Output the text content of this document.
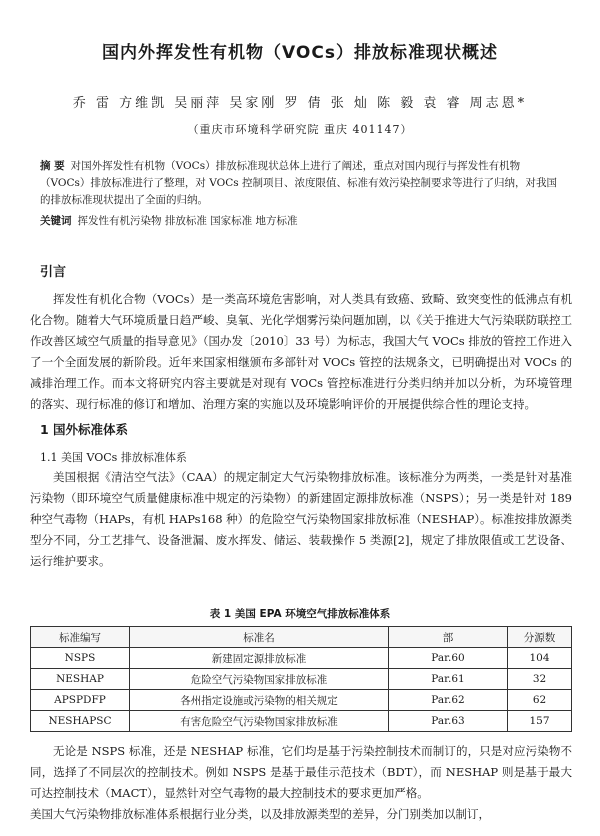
国内外挥发性有机物（VOCs）排放标准现状概述
乔 雷 方维凯 吴丽萍 吴家刚 罗 倩 张 灿 陈 毅 袁 睿 周志恩*
（重庆市环境科学研究院 重庆 401147）
摘 要 对国外挥发性有机物（VOCs）排放标准现状总体上进行了阐述，重点对国内现行与挥发性有机物（VOCs）排放标准进行了整理，对 VOCs 控制项目、浓度限值、标准有效污染控制要求等进行了归纳，对我国的排放标准现状提出了全面的归纳。
关键词 挥发性有机污染物 排放标准 国家标准 地方标准
引言
挥发性有机化合物（VOCs）是一类高环境危害影响，对人类具有致癌、致畸、致突变性的低沸点有机化合物。随着大气环境质量日趋严峻、臭氧、光化学烟雾污染问题加剧，以《关于推进大气污染联防联控工作改善区域空气质量的指导意见》（国办发〔2010〕33 号）为标志，我国大气 VOCs 排放的管控工作进入了一个全面发展的新阶段。近年来国家相继颁布多部针对 VOCs 管控的法规条文，已明确提出对 VOCs 的减排治理工作。而本文将研究内容主要就是对现有 VOCs 管控标准进行分类归纳并加以分析，为环境管理的落实、现行标准的修订和增加、治理方案的实施以及环境影响评价的开展提供综合性的理论支持。
1 国外标准体系
1.1 美国 VOCs 排放标准体系
美国根据《清洁空气法》（CAA）的规定制定大气污染物排放标准。该标准分为两类，一类是针对基准污染物（即环境空气质量健康标准中规定的污染物）的新建固定源排放标准（NSPS）；另一类是针对 189 种空气毒物（HAPs，有机 HAPs168 种）的危险空气污染物国家排放标准（NESHAP）。标准按排放源类型分不同，分工艺排气、设备泄漏、废水挥发、储运、装载操作 5 类源[2]，规定了排放限值或工艺设备、运行维护要求。
表 1 美国 EPA 环境空气排放标准体系
标准编写	标准名	部	分源数
NSPS	新建固定源排放标准	Par.60	104
NESHAP	危险空气污染物国家排放标准	Par.61	32
APSPDFP	各州指定设施或污染物的相关规定	Par.62	62
NESHAPSC	有害危险空气污染物国家排放标准	Par.63	157
无论是 NSPS 标准，还是 NESHAP 标准，它们均是基于污染控制技术而制订的，只是对应污染物不同，选择了不同层次的控制技术。例如 NSPS 是基于最佳示范技术（BDT），而 NESHAP 则是基于最大可达控制技术（MACT），显然针对空气毒物的最大控制技术的要求更加严格。
美国大气污染物排放标准体系根据行业分类，以及排放源类型的差异，分门别类加以制订，
